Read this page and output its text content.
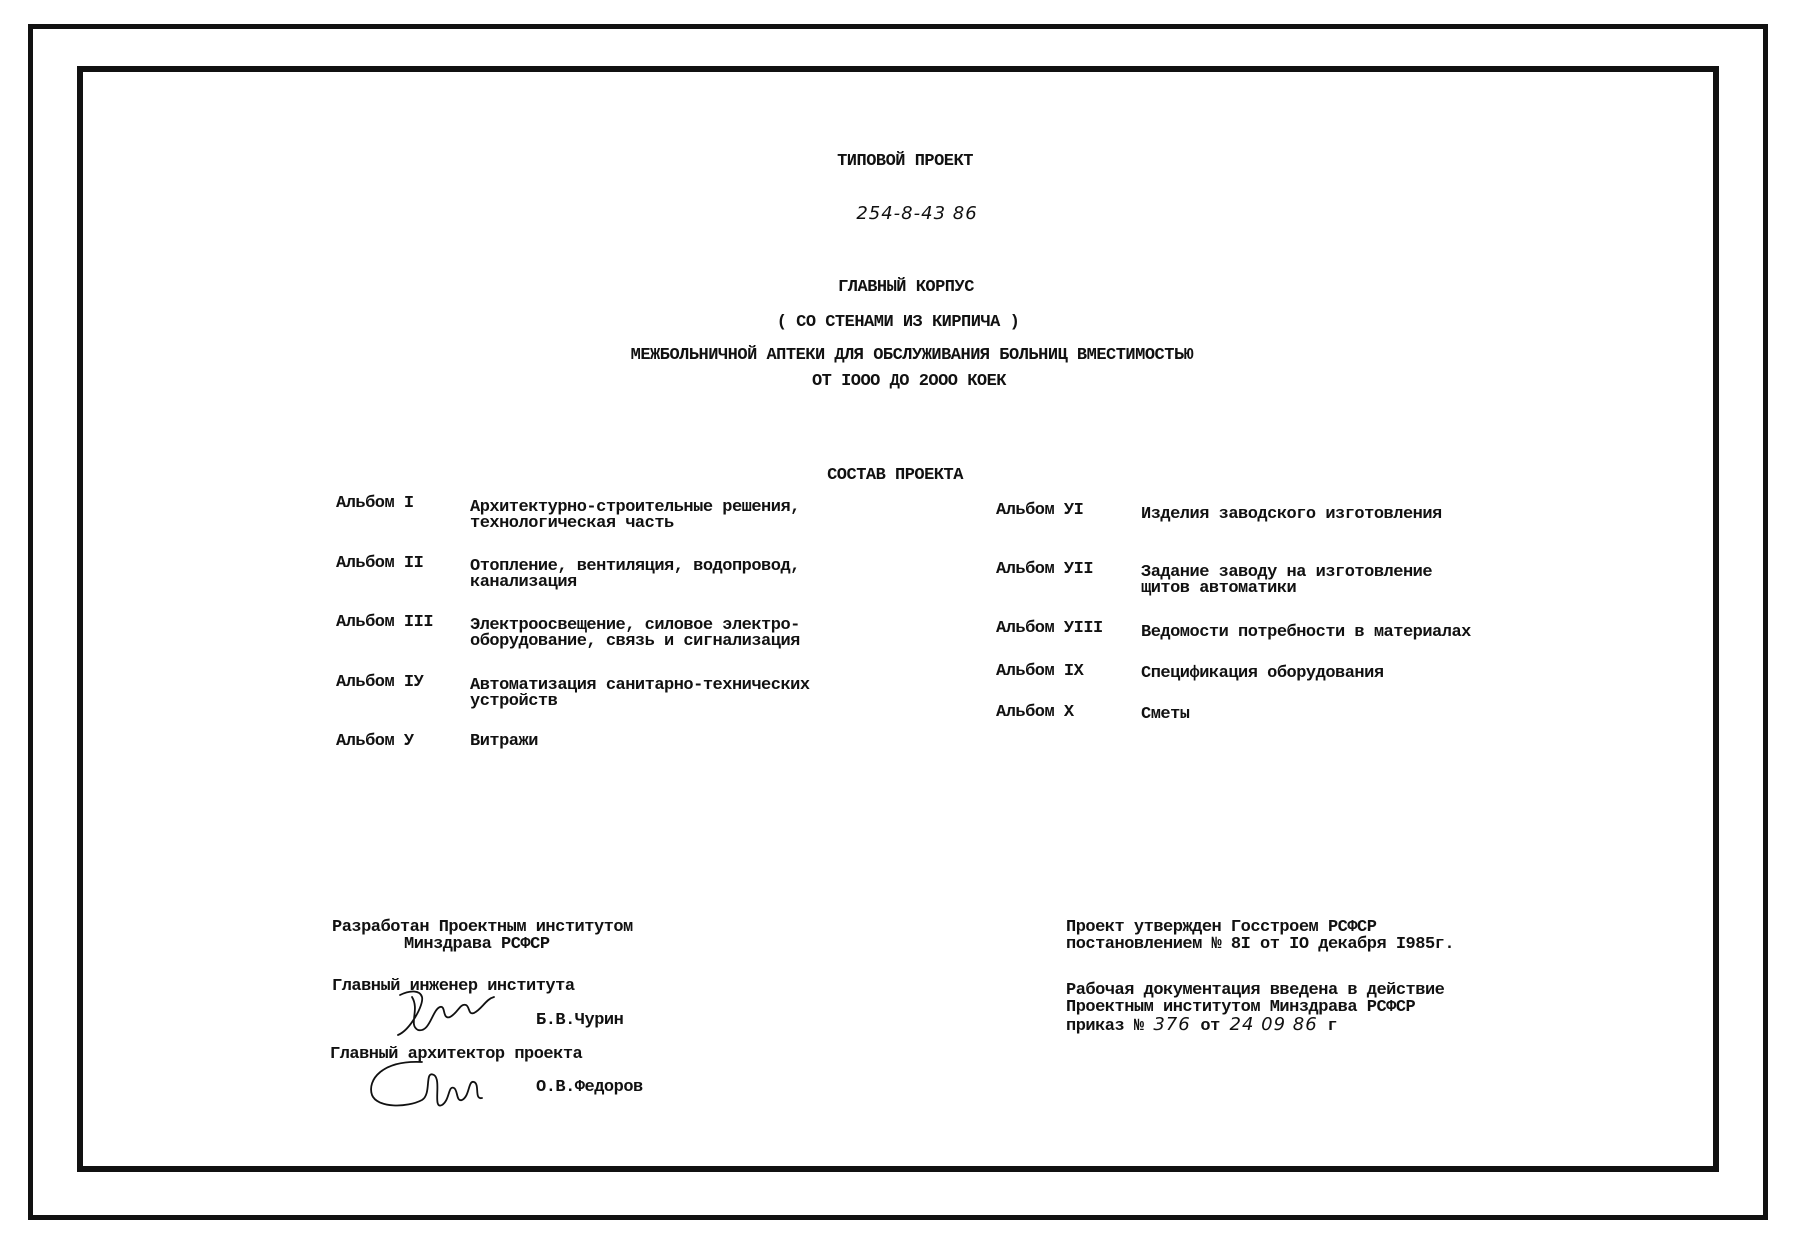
ТИПОВОЙ ПРОЕКТ
254-8-43 86
ГЛАВНЫЙ КОРПУС
( СО СТЕНАМИ ИЗ КИРПИЧА )
МЕЖБОЛЬНИЧНОЙ АПТЕКИ ДЛЯ ОБСЛУЖИВАНИЯ БОЛЬНИЦ ВМЕСТИМОСТЬЮ
ОТ IOOO ДО 2OOO КОЕК
СОСТАВ ПРОЕКТА
Альбом I	Архитектурно-строительные решения,
технологическая часть
Альбом II	Отопление, вентиляция, водопровод,
канализация
Альбом III Электроосвещение, силовое электро-
оборудование, связь и сигнализация
Альбом IУ	Автоматизация санитарно-технических
устройств
Альбом У	Витражи
Альбом УI	Изделия заводского изготовления
Альбом УII	Задание заводу на изготовление
щитов автоматики
Альбом УIII Ведомости потребности в материалах
Альбом IX	Спецификация оборудования
Альбом X	Сметы
Разработан Проектным институтом
Минздрава РСФСР
Главный инженер института
Б.В.Чурин
Главный архитектор проекта
О.В.Федоров
Проект утвержден Госстроем РСФСР
постановлением № 8I от IO декабря I985г.
Рабочая документация введена в действие
Проектным институтом Минздрава РСФСР
приказ № 376 от 24 09 86 г
